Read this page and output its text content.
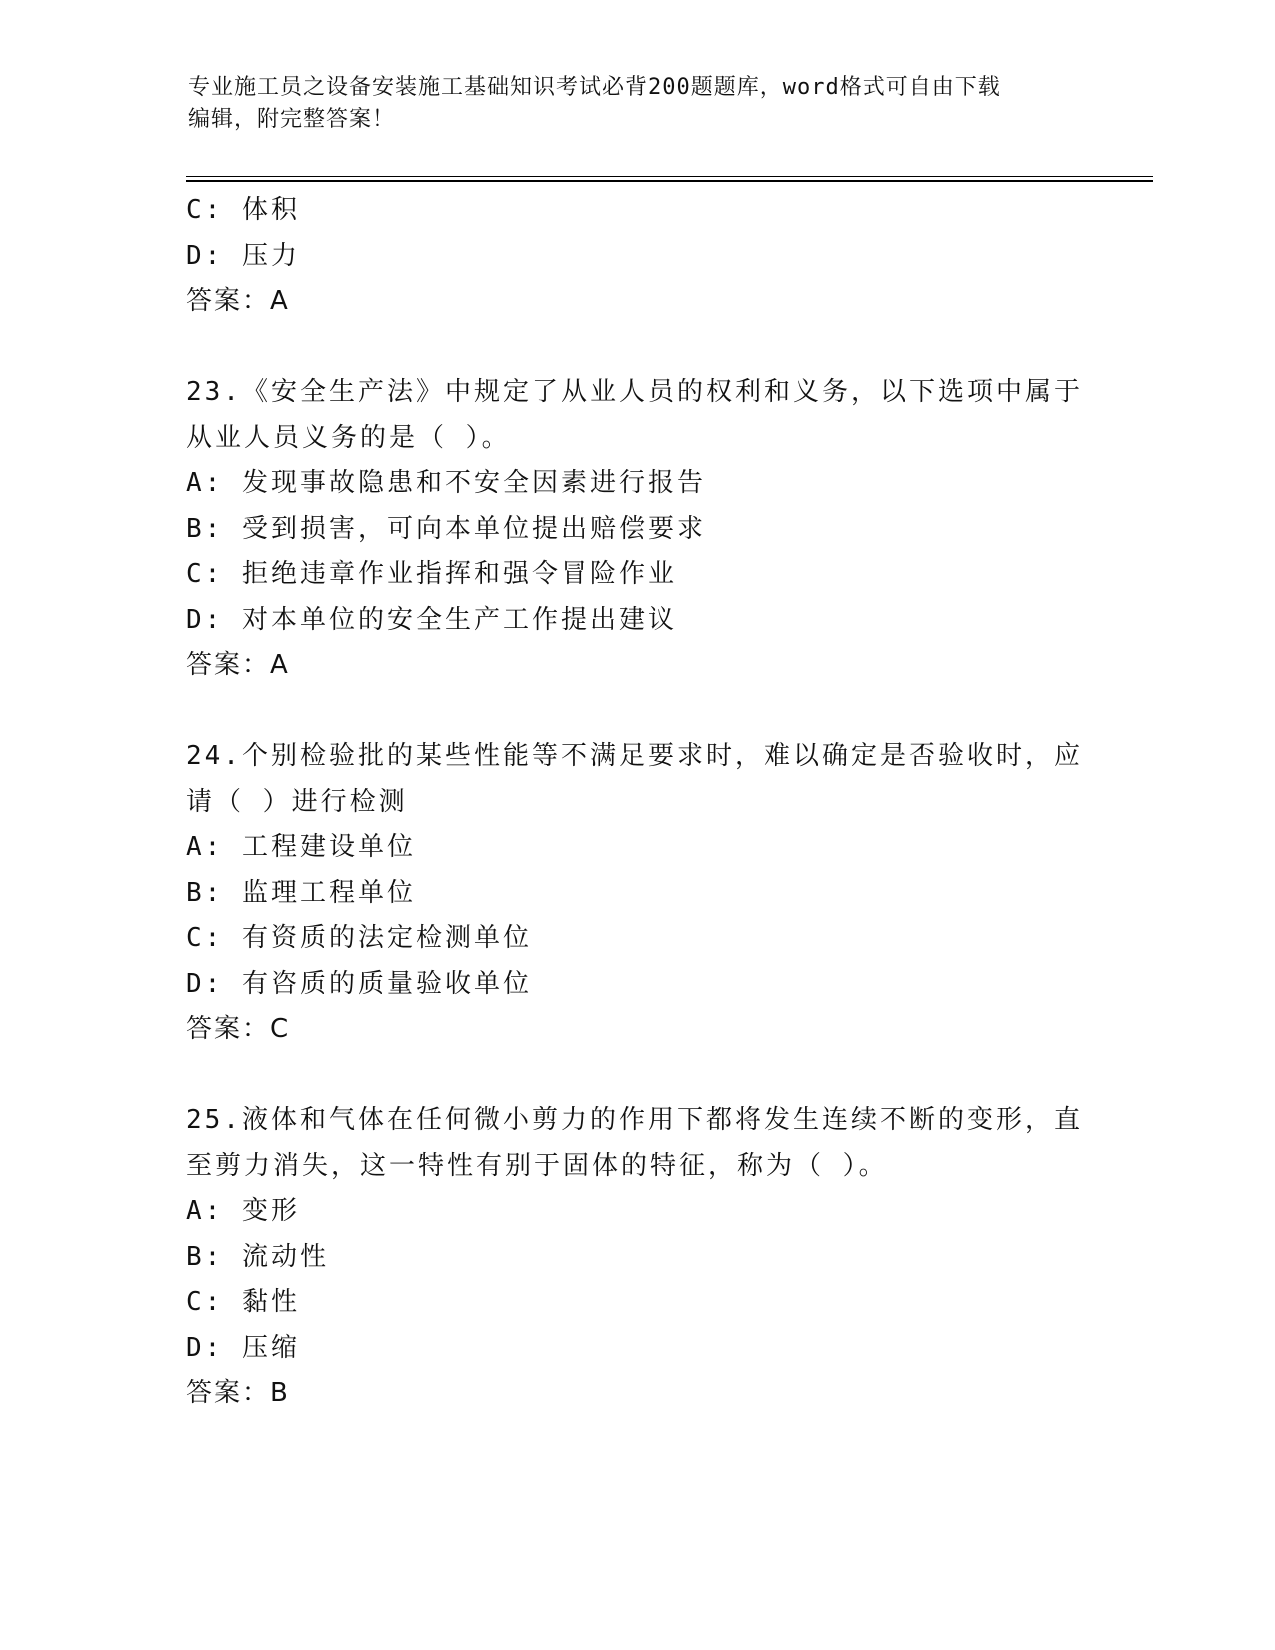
专业施工员之设备安装施工基础知识考试必背200题题库，word格式可自由下载
编辑，附完整答案！
C: 体积
D: 压力
答案：A
23.《安全生产法》中规定了从业人员的权利和义务，以下选项中属于
从业人员义务的是（ ）。
A: 发现事故隐患和不安全因素进行报告
B: 受到损害，可向本单位提出赔偿要求
C: 拒绝违章作业指挥和强令冒险作业
D: 对本单位的安全生产工作提出建议
答案：A
24.个别检验批的某些性能等不满足要求时，难以确定是否验收时，应
请（ ）进行检测
A: 工程建设单位
B: 监理工程单位
C: 有资质的法定检测单位
D: 有咨质的质量验收单位
答案：C
25.液体和气体在任何微小剪力的作用下都将发生连续不断的变形，直
至剪力消失，这一特性有别于固体的特征，称为（ ）。
A: 变形
B: 流动性
C: 黏性
D: 压缩
答案：B
